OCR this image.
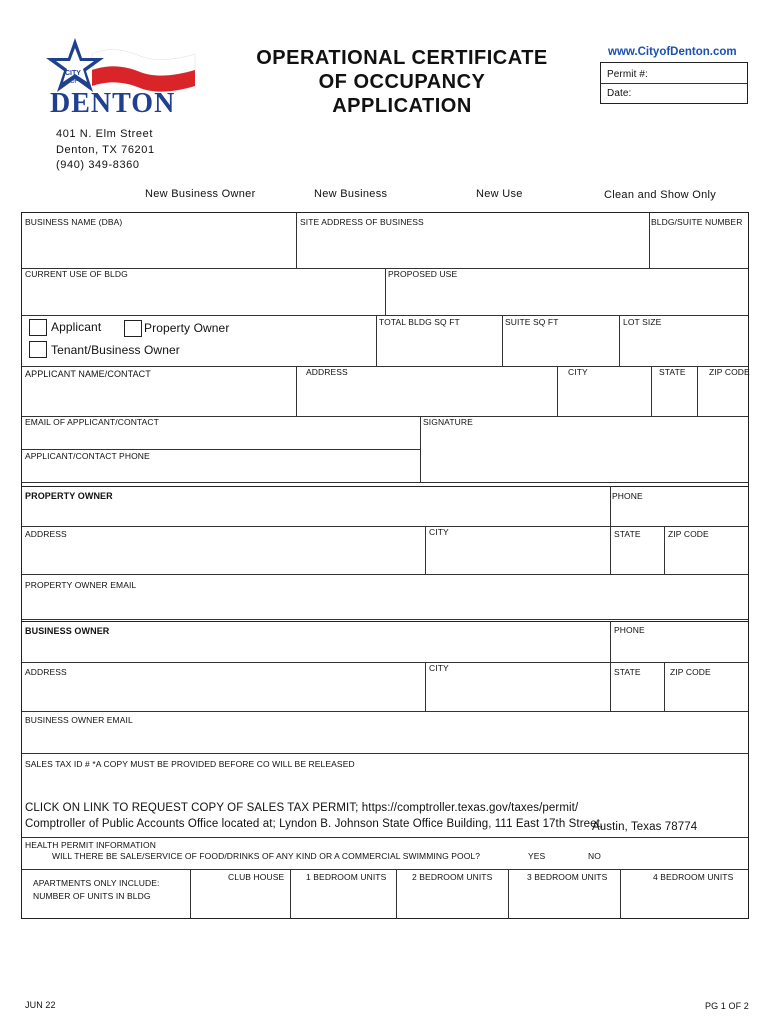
CITY
OF
DENTON
OPERATIONAL CERTIFICATE
OF OCCUPANCY
APPLICATION
www.CityofDenton.com
Permit #:
Date:
401 N. Elm Street
Denton, TX 76201
(940) 349-8360
New Business Owner	New Business	New Use	Clean and Show Only
BUSINESS NAME (DBA)	SITE ADDRESS OF BUSINESS	BLDG/SUITE NUMBER
CURRENT USE OF BLDG	PROPOSED USE
Applicant	Property Owner
Tenant/Business Owner
TOTAL BLDG SQ FT	SUITE SQ FT	LOT SIZE
APPLICANT NAME/CONTACT	ADDRESS	CITY	STATE	ZIP CODE
EMAIL OF APPLICANT/CONTACT	SIGNATURE
APPLICANT/CONTACT PHONE
PROPERTY OWNER	PHONE
ADDRESS	CITY	STATE	ZIP CODE
PROPERTY OWNER EMAIL
BUSINESS OWNER	PHONE
ADDRESS	CITY	STATE	ZIP CODE
BUSINESS OWNER EMAIL
SALES TAX ID # *A COPY MUST BE PROVIDED BEFORE CO WILL BE RELEASED
CLICK ON LINK TO REQUEST COPY OF SALES TAX PERMIT; https://comptroller.texas.gov/taxes/permit/
Comptroller of Public Accounts Office located at; Lyndon B. Johnson State Office Building, 111 East 17th Street,
Austin, Texas 78774
HEALTH PERMIT INFORMATION
WILL THERE BE SALE/SERVICE OF FOOD/DRINKS OF ANY KIND OR A COMMERCIAL SWIMMING POOL?	YES	NO
APARTMENTS ONLY INCLUDE:
NUMBER OF UNITS IN BLDG
CLUB HOUSE	1 BEDROOM UNITS	2 BEDROOM UNITS	3 BEDROOM UNITS	4 BEDROOM UNITS
JUN 22	PG 1 OF 2
